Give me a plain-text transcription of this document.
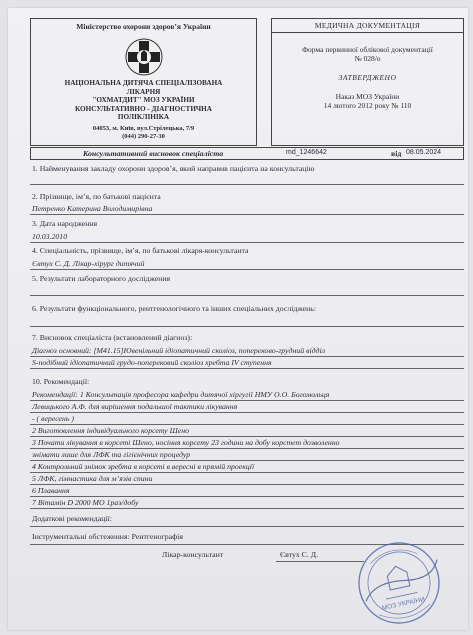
Міністерство охорони здоров’я України
НАЦІОНАЛЬНА ДИТЯЧА СПЕЦІАЛІЗОВАНА
ЛІКАРНЯ
"ОХМАТДИТ" МОЗ УКРАЇНИ
КОНСУЛЬТАТИВНО - ДІАГНОСТИЧНА
ПОЛІКЛІНІКА
04053, м. Київ, вул.Стрілецька, 7/9
(044) 290-27-30
МЕДИЧНА ДОКУМЕНТАЦІЯ
Форма первинної облікової документації
№ 028/о
ЗАТВЕРДЖЕНО
Наказ МОЗ України
14 лютого 2012 року № 110
Консультативний висновок спеціаліста	md_1246642	від 08.05.2024
1. Найменування закладу охорони здоров’я, який направив пацієнта на консультацію
2. Прізвище, ім’я, по батькові пацієнта
Петренко Катерина Володимирівна
3. Дата народження
10.03.2010
4. Спеціальність, прізвище, ім’я, по батькові лікаря-консультанта
Євтух С. Д. Лікар-хірург дитячий
5. Результати лабораторного дослідження
6. Результати функціонального, рентгенологічного та інших спеціальних досліджень:
7. Висновок спеціаліста (встановлений діагноз):
Діагноз основний: [M41.15]Ювенільний ідіопатичний сколіоз, попереково-грудний відділ
S-подібний ідіопатичний грудо-поперековий сколіоз хребта IV ступення
10. Рекомендації:
Рекомендації: 1 Консультація професора кафедри дитячої хіргугії НМУ О.О. Богомольця
Левицького А.Ф. для вирішення подальшої тактики лікування
- ( вересень )
2 Виготовлення індивідуального корсету Шено
3 Почати лікування в корсеті Шено, носіння корсету 23 години на добу корстет дозволенно
знімати лише для ЛФК та гігієнічних процедур
4 Контрольний знімок зребта в корсеті в вересні в прямій проекції
5 ЛФК, гімнастика для м’язів спини
6 Плавання
7 Вітамін D 2000 МО 1раз/добу
Додаткові рекомендації:
Інструментальні обстеження: Рентгенографія
Лікар-консультант	Євтух С. Д.
МОЗ УКРАЇНИ
